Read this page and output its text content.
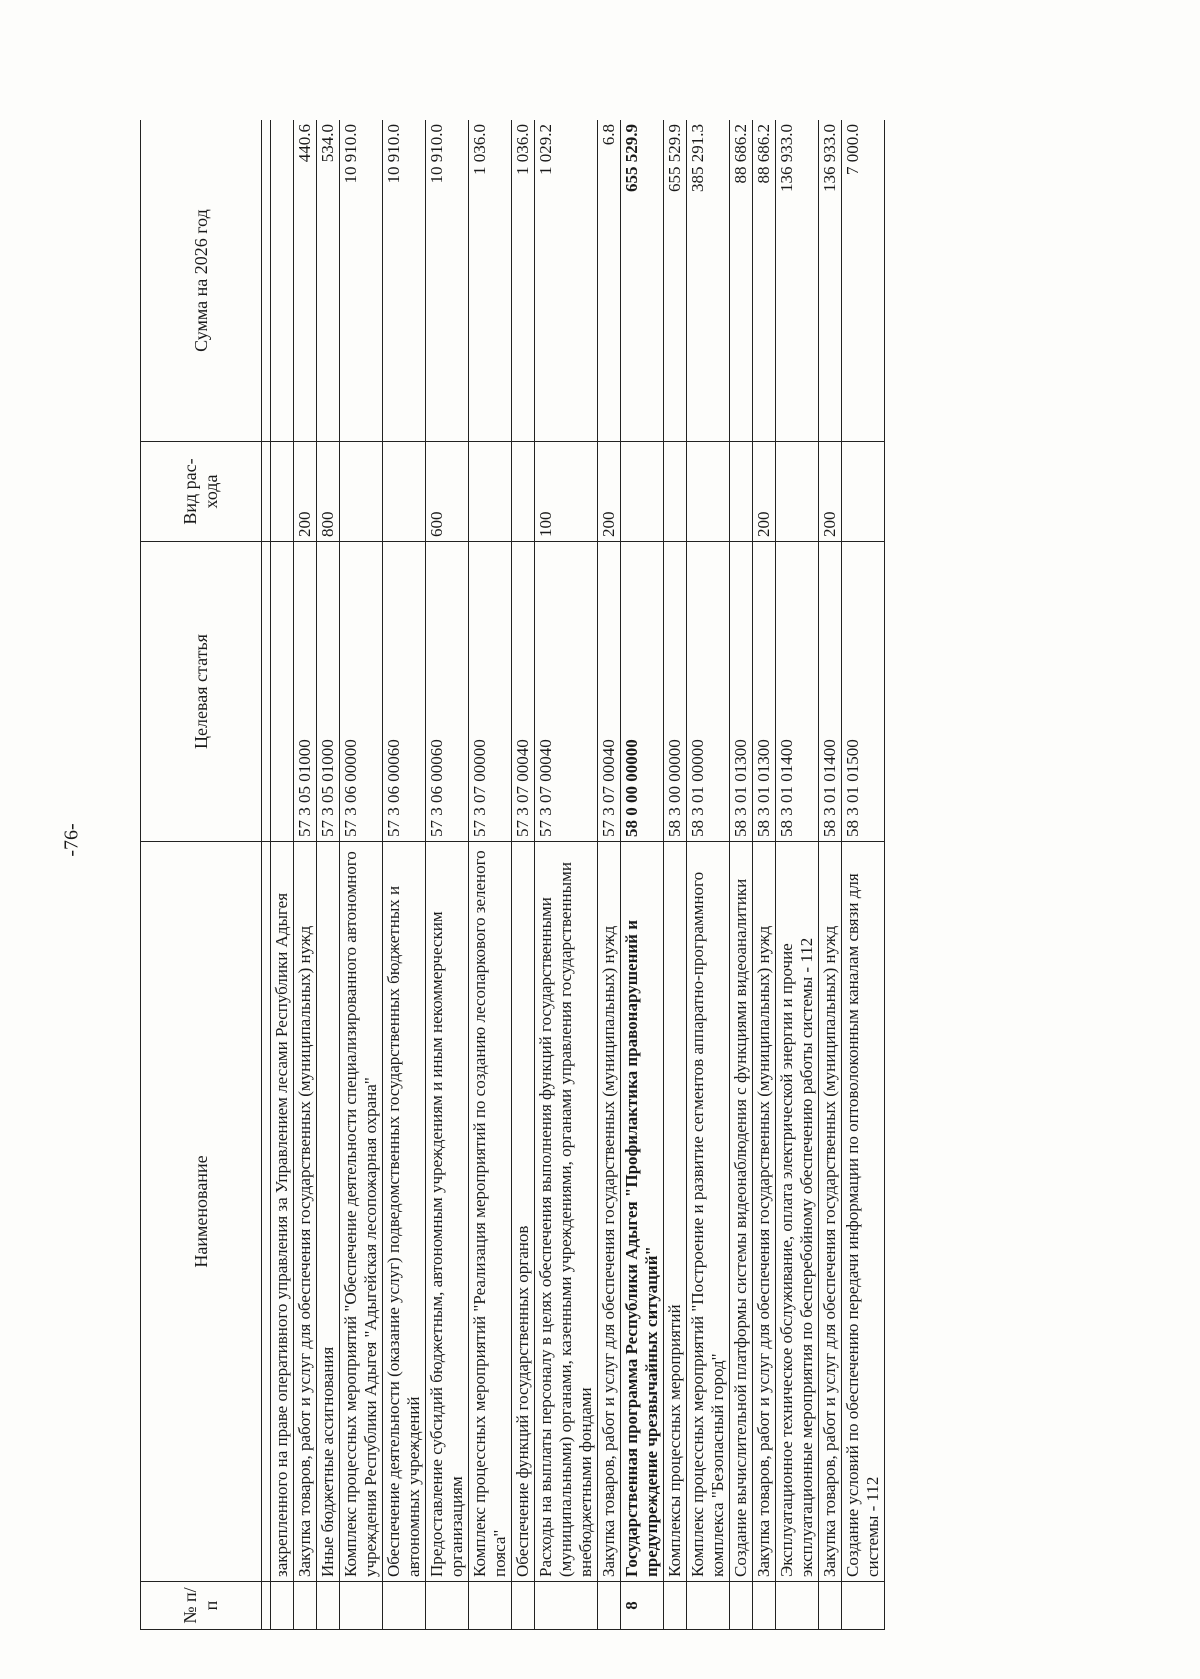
-76-
№ п/п	Наименование	Целевая статья	Вид рас-хода	Сумма на 2026 год

	закрепленного на праве оперативного управления за Управлением лесами Республики Адыгея			
	Закупка товаров, работ и услуг для обеспечения государственных (муниципальных) нужд	57 3 05 01000	200	440.6
	Иные бюджетные ассигнования	57 3 05 01000	800	534.0
	Комплекс процессных мероприятий "Обеспечение деятельности специализированного автономного учреждения Республики Адыгея "Адыгейская лесопожарная охрана"	57 3 06 00000		10 910.0
	Обеспечение деятельности (оказание услуг) подведомственных государственных бюджетных и автономных учреждений	57 3 06 00060		10 910.0
	Предоставление субсидий бюджетным, автономным учреждениям и иным некоммерческим организациям	57 3 06 00060	600	10 910.0
	Комплекс процессных мероприятий "Реализация мероприятий по созданию лесопаркового зеленого пояса"	57 3 07 00000		1 036.0
	Обеспечение функций государственных органов	57 3 07 00040		1 036.0
	Расходы на выплаты персоналу в целях обеспечения выполнения функций государственными (муниципальными) органами, казенными учреждениями, органами управления государственными внебюджетными фондами	57 3 07 00040	100	1 029.2
	Закупка товаров, работ и услуг для обеспечения государственных (муниципальных) нужд	57 3 07 00040	200	6.8
8	Государственная программа Республики Адыгея "Профилактика правонарушений и предупреждение чрезвычайных ситуаций"	58 0 00 00000		655 529.9
	Комплексы процессных мероприятий	58 3 00 00000		655 529.9
	Комплекс процессных мероприятий "Построение и развитие сегментов аппаратно-программного комплекса "Безопасный город"	58 3 01 00000		385 291.3
	Создание вычислительной платформы системы видеонаблюдения с функциями видеоаналитики	58 3 01 01300		88 686.2
	Закупка товаров, работ и услуг для обеспечения государственных (муниципальных) нужд	58 3 01 01300	200	88 686.2
	Эксплуатационное техническое обслуживание, оплата электрической энергии и прочие эксплуатационные мероприятия по бесперебойному обеспечению работы системы - 112	58 3 01 01400		136 933.0
	Закупка товаров, работ и услуг для обеспечения государственных (муниципальных) нужд	58 3 01 01400	200	136 933.0
	Создание условий по обеспечению передачи информации по оптоволоконным каналам связи для системы - 112	58 3 01 01500		7 000.0
